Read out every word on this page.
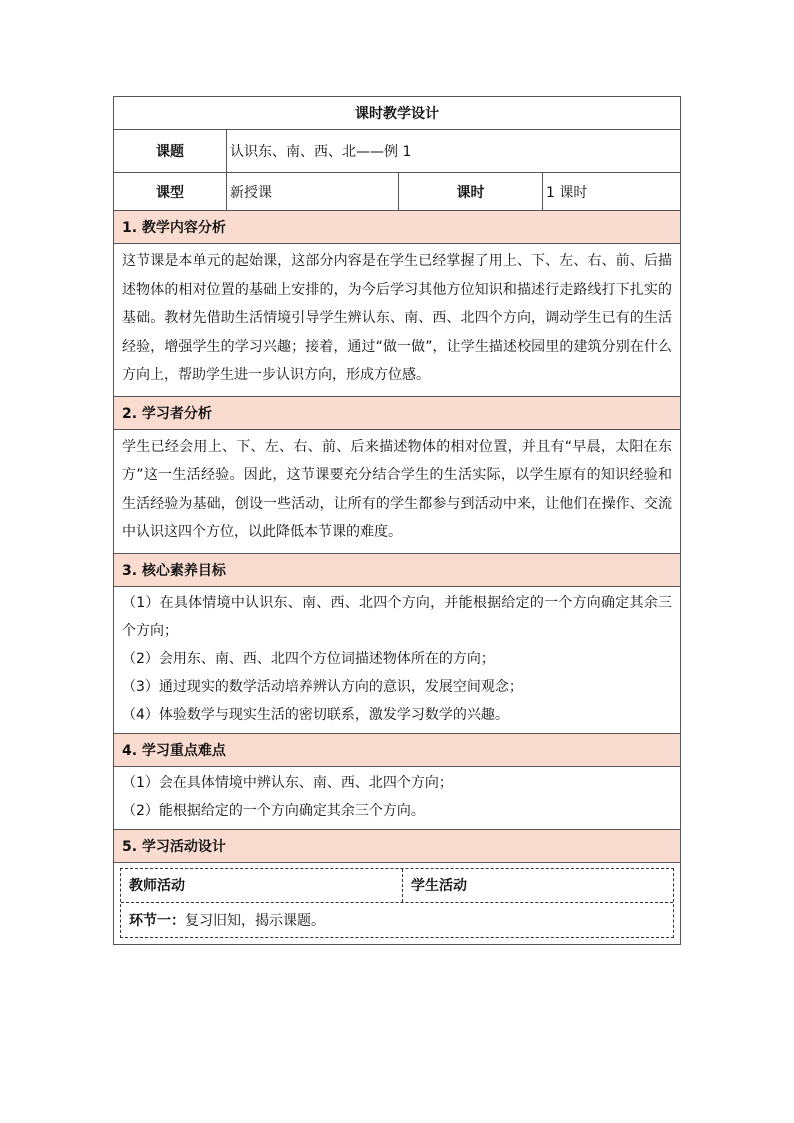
课时教学设计
课题	认识东、南、西、北——例 1
课型	新授课	课时	1 课时
1. 教学内容分析
这节课是本单元的起始课，这部分内容是在学生已经掌握了用上、下、左、右、前、后描述物体的相对位置的基础上安排的，为今后学习其他方位知识和描述行走路线打下扎实的基础。教材先借助生活情境引导学生辨认东、南、西、北四个方向，调动学生已有的生活经验，增强学生的学习兴趣；接着，通过“做一做”，让学生描述校园里的建筑分别在什么方向上，帮助学生进一步认识方向，形成方位感。
2. 学习者分析
学生已经会用上、下、左、右、前、后来描述物体的相对位置，并且有“早晨，太阳在东方”这一生活经验。因此，这节课要充分结合学生的生活实际，以学生原有的知识经验和生活经验为基础，创设一些活动，让所有的学生都参与到活动中来，让他们在操作、交流中认识这四个方位，以此降低本节课的难度。
3. 核心素养目标
（1）在具体情境中认识东、南、西、北四个方向，并能根据给定的一个方向确定其余三个方向；
（2）会用东、南、西、北四个方位词描述物体所在的方向；
（3）通过现实的数学活动培养辨认方向的意识，发展空间观念；
（4）体验数学与现实生活的密切联系，激发学习数学的兴趣。
4. 学习重点难点
（1）会在具体情境中辨认东、南、西、北四个方向；
（2）能根据给定的一个方向确定其余三个方向。
5. 学习活动设计
教师活动	学生活动
环节一： 复习旧知，揭示课题。
